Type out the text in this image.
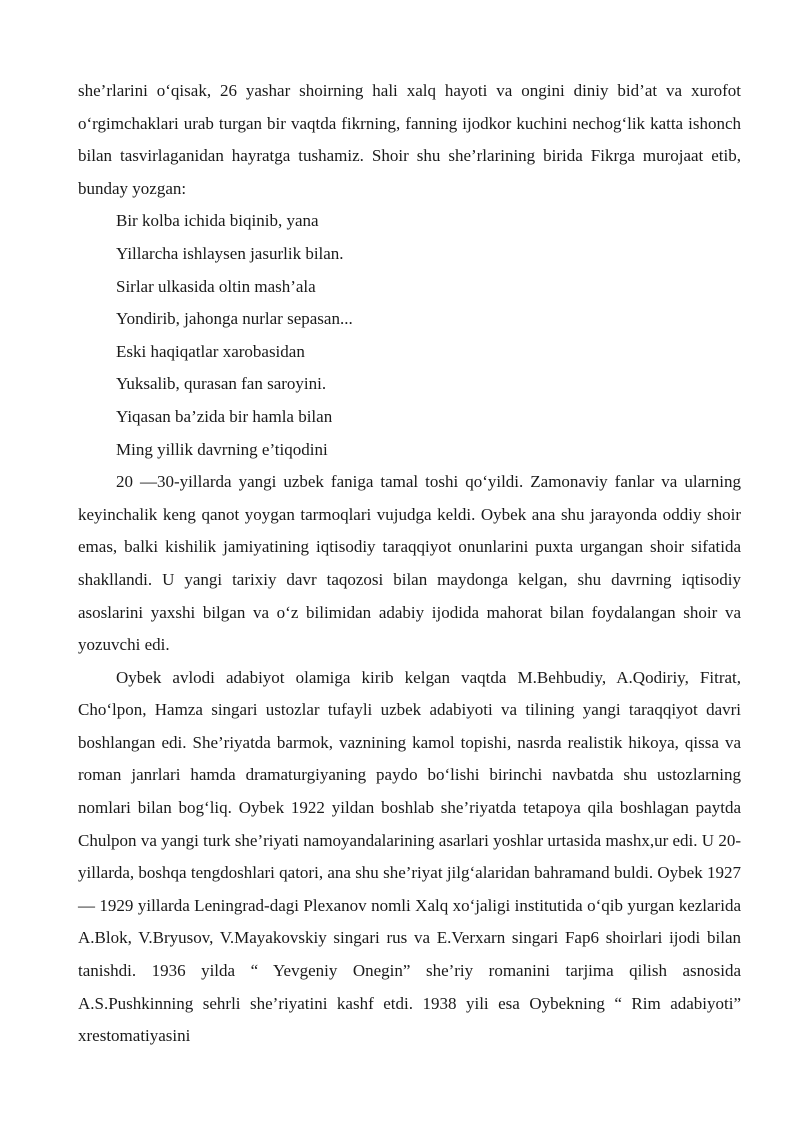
she’rlarini o‘qisak, 26 yashar shoirning hali xalq hayoti va ongini diniy bid’at va xurofot o‘rgimchaklari urab turgan bir vaqtda fikrning, fanning ijodkor kuchini nechog‘lik katta ishonch bilan tasvirlaganidan hayratga tushamiz. Shoir shu she’rlarining birida Fikrga murojaat etib, bunday yozgan:

Bir kolba ichida biqinib, yana

Yillarcha ishlaysen jasurlik bilan.

Sirlar ulkasida oltin mash’ala

Yondirib, jahonga nurlar sepasan...

Eski haqiqatlar xarobasidan

Yuksalib, qurasan fan saroyini.

Yiqasan ba’zida bir hamla bilan

Ming yillik davrning e’tiqodini

20 —30-yillarda yangi uzbek faniga tamal toshi qo‘yildi. Zamonaviy fanlar va ularning keyinchalik keng qanot yoygan tarmoqlari vujudga keldi. Oybek ana shu jarayonda oddiy shoir emas, balki kishilik jamiyatining iqtisodiy taraqqiyot onunlarini puxta urgangan shoir sifatida shakllandi. U yangi tarixiy davr taqozosi bilan maydonga kelgan, shu davrning iqtisodiy asoslarini yaxshi bilgan va o‘z bilimidan adabiy ijodida mahorat bilan foydalangan shoir va yozuvchi edi.

Oybek avlodi adabiyot olamiga kirib kelgan vaqtda M.Behbudiy, A.Qodiriy, Fitrat, Cho‘lpon, Hamza singari ustozlar tufayli uzbek adabiyoti va tilining yangi taraqqiyot davri boshlangan edi. She’riyatda barmok, vaznining kamol topishi, nasrda realistik hikoya, qissa va roman janrlari hamda dramaturgiyaning paydo bo‘lishi birinchi navbatda shu ustozlarning nomlari bilan bog‘liq. Oybek 1922 yildan boshlab she’riyatda tetapoya qila boshlagan paytda Chulpon va yangi turk she’riyati namoyandalarining asarlari yoshlar urtasida mashx,ur edi. U 20-yillarda, boshqa tengdoshlari qatori, ana shu she’riyat jilg‘alaridan bahramand buldi. Oybek 1927 — 1929 yillarda Leningrad-dagi Plexanov nomli Xalq xo‘jaligi institutida o‘qib yurgan kezlarida A.Blok, V.Bryusov, V.Mayakovskiy singari rus va E.Verxarn singari Fap6 shoirlari ijodi bilan tanishdi. 1936 yilda “ Yevgeniy Onegin” she’riy romanini tarjima qilish asnosida A.S.Pushkinning sehrli she’riyatini kashf etdi. 1938 yili esa Oybekning “ Rim adabiyoti” xrestomatiyasini
